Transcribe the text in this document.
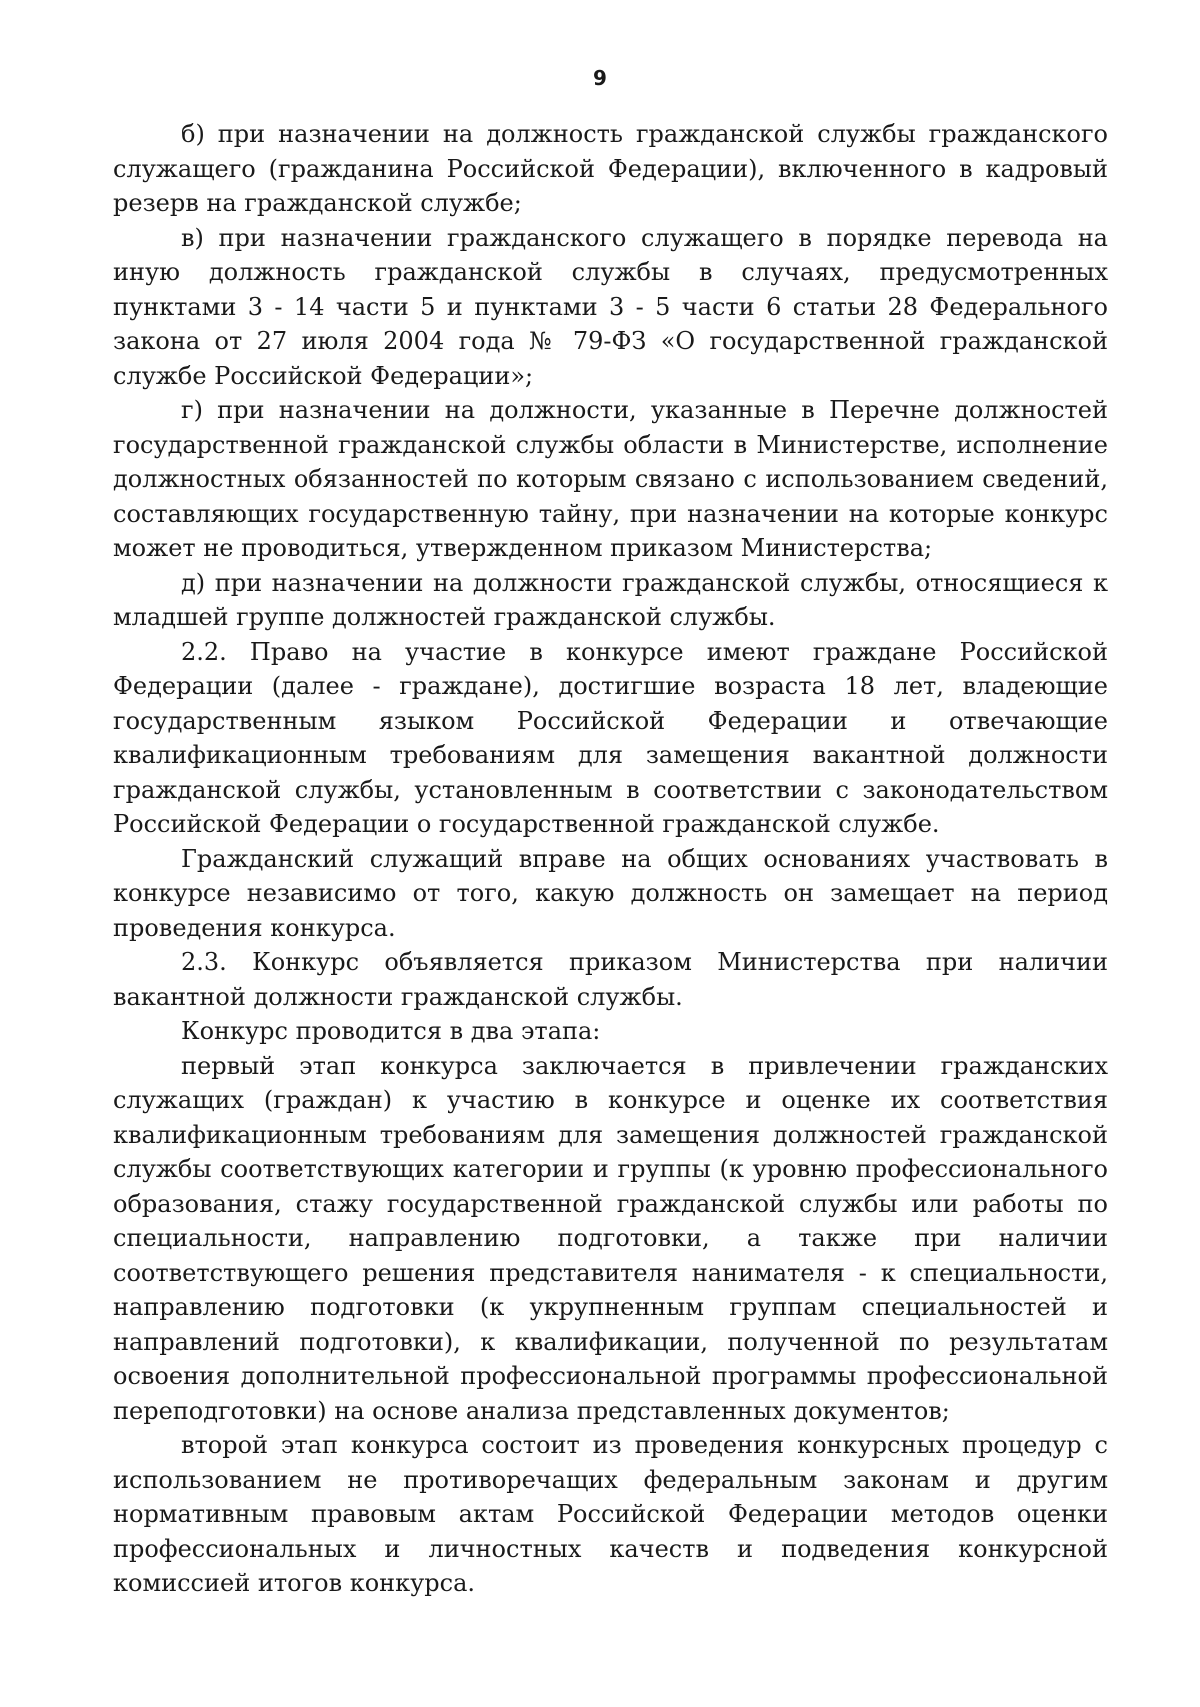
9

б) при назначении на должность гражданской службы гражданского служащего (гражданина Российской Федерации), включенного в кадровый резерв на гражданской службе;

в) при назначении гражданского служащего в порядке перевода на иную должность гражданской службы в случаях, предусмотренных пунктами 3 - 14 части 5 и пунктами 3 - 5 части 6 статьи 28 Федерального закона от 27 июля 2004 года № 79-ФЗ «О государственной гражданской службе Российской Федерации»;

г) при назначении на должности, указанные в Перечне должностей государственной гражданской службы области в Министерстве, исполнение должностных обязанностей по которым связано с использованием сведений, составляющих государственную тайну, при назначении на которые конкурс может не проводиться, утвержденном приказом Министерства;

д) при назначении на должности гражданской службы, относящиеся к младшей группе должностей гражданской службы.

2.2. Право на участие в конкурсе имеют граждане Российской Федерации (далее - граждане), достигшие возраста 18 лет, владеющие государственным языком Российской Федерации и отвечающие квалификационным требованиям для замещения вакантной должности гражданской службы, установленным в соответствии с законодательством Российской Федерации о государственной гражданской службе.

Гражданский служащий вправе на общих основаниях участвовать в конкурсе независимо от того, какую должность он замещает на период проведения конкурса.

2.3. Конкурс объявляется приказом Министерства при наличии вакантной должности гражданской службы.

Конкурс проводится в два этапа:

первый этап конкурса заключается в привлечении гражданских служащих (граждан) к участию в конкурсе и оценке их соответствия квалификационным требованиям для замещения должностей гражданской службы соответствующих категории и группы (к уровню профессионального образования, стажу государственной гражданской службы или работы по специальности, направлению подготовки, а также при наличии соответствующего решения представителя нанимателя - к специальности, направлению подготовки (к укрупненным группам специальностей и направлений подготовки), к квалификации, полученной по результатам освоения дополнительной профессиональной программы профессиональной переподготовки) на основе анализа представленных документов;

второй этап конкурса состоит из проведения конкурсных процедур с использованием не противоречащих федеральным законам и другим нормативным правовым актам Российской Федерации методов оценки профессиональных и личностных качеств и подведения конкурсной комиссией итогов конкурса.
